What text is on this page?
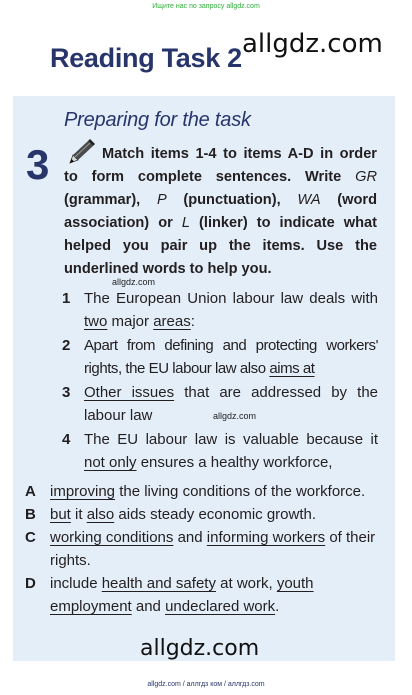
Ищите нас по запросу allgdz.com
Reading Task 2 allgdz.com
Preparing for the task
3	Match items 1-4 to items A-D in order to form complete sentences. Write GR (grammar), P (punctuation), WA (word association) or L (linker) to indicate what helped you pair up the items. Use the underlined words to help you.
allgdz.com
1 The European Union labour law deals with two major areas:
2 Apart from defining and protecting workers' rights, the EU labour law also aims at
3 Other issues that are addressed by the labour law
4 The EU labour law is valuable because it not only ensures a healthy workforce,
allgdz.com
A improving the living conditions of the workforce.
B but it also aids steady economic growth.
C working conditions and informing workers of their rights.
D include health and safety at work, youth employment and undeclared work.
allgdz.com
allgdz.com / аллгдз ком / аллгдз.com
